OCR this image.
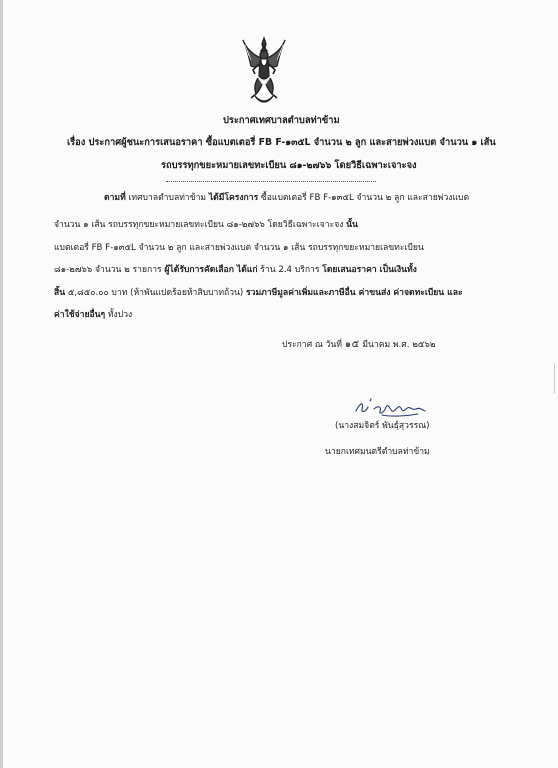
ประกาศเทศบาลตำบลท่าข้าม
เรื่อง ประกาศผู้ชนะการเสนอราคา ซื้อแบตเตอรี่ FB F-๑๓๕L จำนวน ๒ ลูก และสายพ่วงแบต จำนวน ๑ เส้น
รถบรรทุกขยะหมายเลขทะเบียน ๘๑-๒๗๖๖ โดยวิธีเฉพาะเจาะจง
ตามที่ เทศบาลตำบลท่าข้าม ได้มีโครงการ ซื้อแบตเตอรี่ FB F-๑๓๕L จำนวน ๒ ลูก และสายพ่วงแบต
จำนวน ๑ เส้น รถบรรทุกขยะหมายเลขทะเบียน ๘๑-๒๗๖๖ โดยวิธีเฉพาะเจาะจง นั้น
แบตเตอรี่ FB F-๑๓๕L จำนวน ๒ ลูก และสายพ่วงแบต จำนวน ๑ เส้น รถบรรทุกขยะหมายเลขทะเบียน
๘๑-๒๗๖๖ จำนวน ๒ รายการ ผู้ได้รับการคัดเลือก ได้แก่ ร้าน 2.4 บริการ โดยเสนอราคา เป็นเงินทั้ง
สิ้น ๕,๘๕๐.๐๐ บาท (ห้าพันแปดร้อยห้าสิบบาทถ้วน) รวมภาษีมูลค่าเพิ่มและภาษีอื่น ค่าขนส่ง ค่าจดทะเบียน และ
ค่าใช้จ่ายอื่นๆ ทั้งปวง
ประกาศ ณ วันที่ ๑๕ มีนาคม พ.ศ. ๒๕๖๒
(นางสมจิตร์ พันธุ์สุวรรณ)
นายกเทศมนตรีตำบลท่าข้าม
